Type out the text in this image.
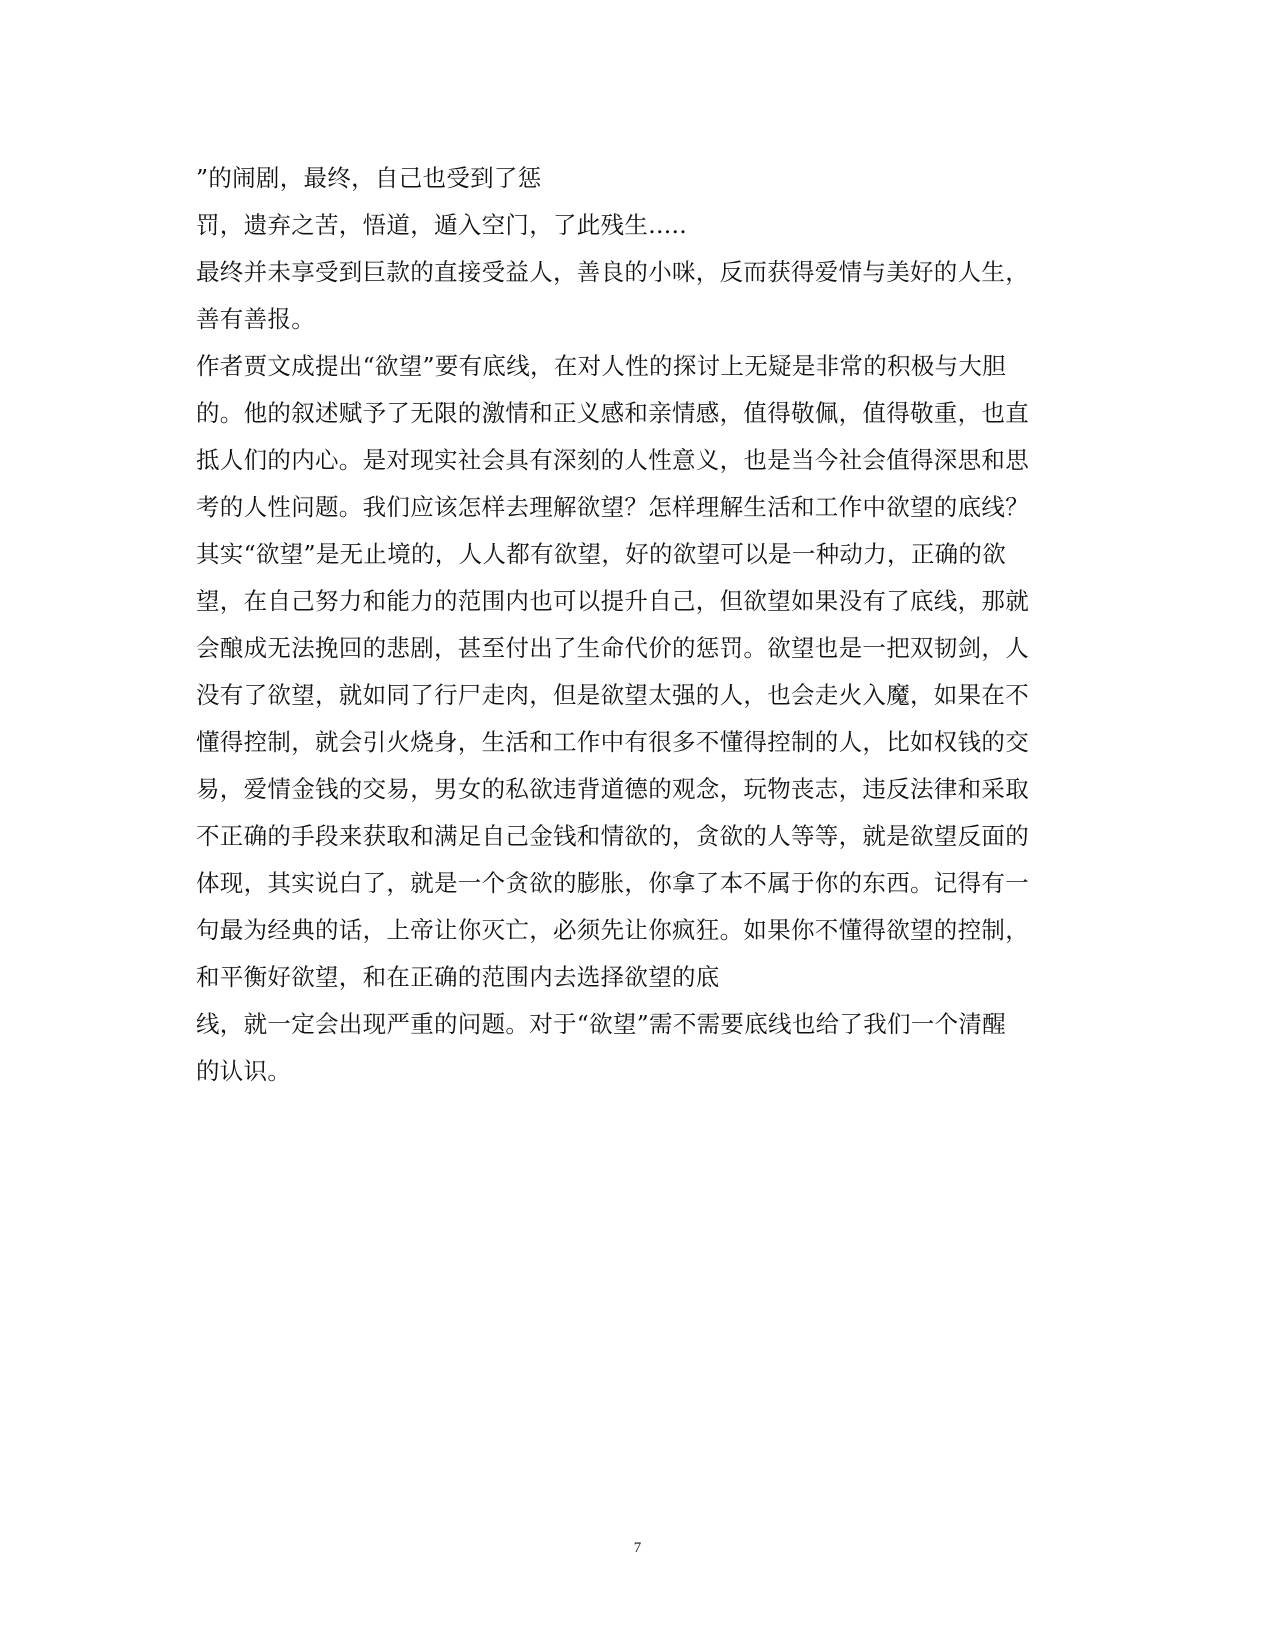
”的闹剧，最终，自己也受到了惩
罚，遗弃之苦，悟道，遁入空门，了此残生.....
最终并未享受到巨款的直接受益人，善良的小咪，反而获得爱情与美好的人生，
善有善报。
作者贾文成提出“欲望”要有底线，在对人性的探讨上无疑是非常的积极与大胆
的。他的叙述赋予了无限的激情和正义感和亲情感，值得敬佩，值得敬重，也直
抵人们的内心。是对现实社会具有深刻的人性意义，也是当今社会值得深思和思
考的人性问题。我们应该怎样去理解欲望？怎样理解生活和工作中欲望的底线？
其实“欲望”是无止境的，人人都有欲望，好的欲望可以是一种动力，正确的欲
望，在自己努力和能力的范围内也可以提升自己，但欲望如果没有了底线，那就
会酿成无法挽回的悲剧，甚至付出了生命代价的惩罚。欲望也是一把双韧剑，人
没有了欲望，就如同了行尸走肉，但是欲望太强的人，也会走火入魔，如果在不
懂得控制，就会引火烧身，生活和工作中有很多不懂得控制的人，比如权钱的交
易，爱情金钱的交易，男女的私欲违背道德的观念，玩物丧志，违反法律和采取
不正确的手段来获取和满足自己金钱和情欲的，贪欲的人等等，就是欲望反面的
体现，其实说白了，就是一个贪欲的膨胀，你拿了本不属于你的东西。记得有一
句最为经典的话，上帝让你灭亡，必须先让你疯狂。如果你不懂得欲望的控制，
和平衡好欲望，和在正确的范围内去选择欲望的底
线，就一定会出现严重的问题。对于“欲望”需不需要底线也给了我们一个清醒
的认识。
7
